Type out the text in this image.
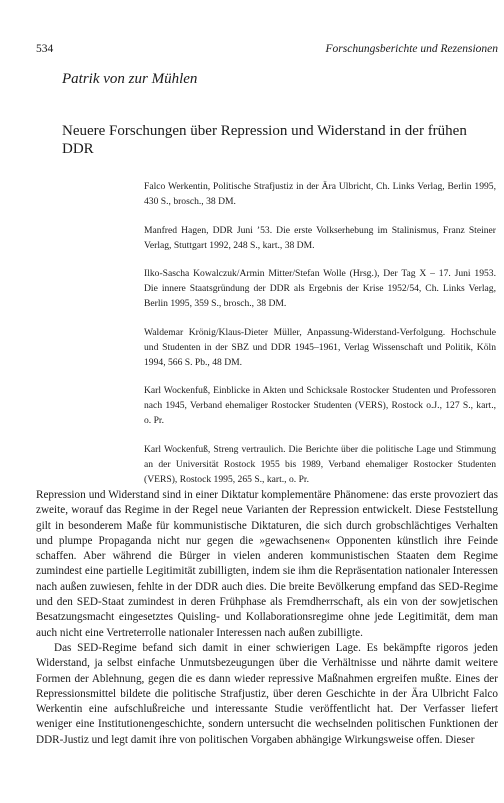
534	Forschungsberichte und Rezensionen
Patrik von zur Mühlen
Neuere Forschungen über Repression und Widerstand in der frühen DDR

Falco Werkentin, Politische Strafjustiz in der Ära Ulbricht, Ch. Links Verlag, Berlin 1995, 430 S., brosch., 38 DM.

Manfred Hagen, DDR Juni ’53. Die erste Volkserhebung im Stalinismus, Franz Steiner Verlag, Stuttgart 1992, 248 S., kart., 38 DM.

Ilko-Sascha Kowalczuk/Armin Mitter/Stefan Wolle (Hrsg.), Der Tag X – 17. Juni 1953. Die innere Staatsgründung der DDR als Ergebnis der Krise 1952/54, Ch. Links Verlag, Berlin 1995, 359 S., brosch., 38 DM.

Waldemar Krönig/Klaus-Dieter Müller, Anpassung-Widerstand-Verfolgung. Hochschule und Studenten in der SBZ und DDR 1945–1961, Verlag Wissenschaft und Politik, Köln 1994, 566 S. Pb., 48 DM.

Karl Wockenfuß, Einblicke in Akten und Schicksale Rostocker Studenten und Professoren nach 1945, Verband ehemaliger Rostocker Studenten (VERS), Rostock o.J., 127 S., kart., o. Pr.

Karl Wockenfuß, Streng vertraulich. Die Berichte über die politische Lage und Stimmung an der Universität Rostock 1955 bis 1989, Verband ehemaliger Rostocker Studenten (VERS), Rostock 1995, 265 S., kart., o. Pr.

Repression und Widerstand sind in einer Diktatur komplementäre Phänomene: das erste provoziert das zweite, worauf das Regime in der Regel neue Varianten der Repression entwickelt. Diese Feststellung gilt in besonderem Maße für kommunistische Diktaturen, die sich durch grobschlächtiges Verhalten und plumpe Propaganda nicht nur gegen die »gewachsenen« Opponenten künstlich ihre Feinde schaffen. Aber während die Bürger in vielen anderen kommunistischen Staaten dem Regime zumindest eine partielle Legitimität zubilligten, indem sie ihm die Repräsentation nationaler Interessen nach außen zuwiesen, fehlte in der DDR auch dies. Die breite Bevölkerung empfand das SED-Regime und den SED-Staat zumindest in deren Frühphase als Fremdherrschaft, als ein von der sowjetischen Besatzungsmacht eingesetztes Quisling- und Kollaborationsregime ohne jede Legitimität, dem man auch nicht eine Vertreterrolle nationaler Interessen nach außen zubilligte.

Das SED-Regime befand sich damit in einer schwierigen Lage. Es bekämpfte rigoros jeden Widerstand, ja selbst einfache Unmutsbezeugungen über die Verhältnisse und nährte damit weitere Formen der Ablehnung, gegen die es dann wieder repressive Maßnahmen ergreifen mußte. Eines der Repressionsmittel bildete die politische Strafjustiz, über deren Geschichte in der Ära Ulbricht Falco Werkentin eine aufschlußreiche und interessante Studie veröffentlicht hat. Der Verfasser liefert weniger eine Institutionengeschichte, sondern untersucht die wechselnden politischen Funktionen der DDR-Justiz und legt damit ihre von politischen Vorgaben abhängige Wirkungsweise offen. Dieser
